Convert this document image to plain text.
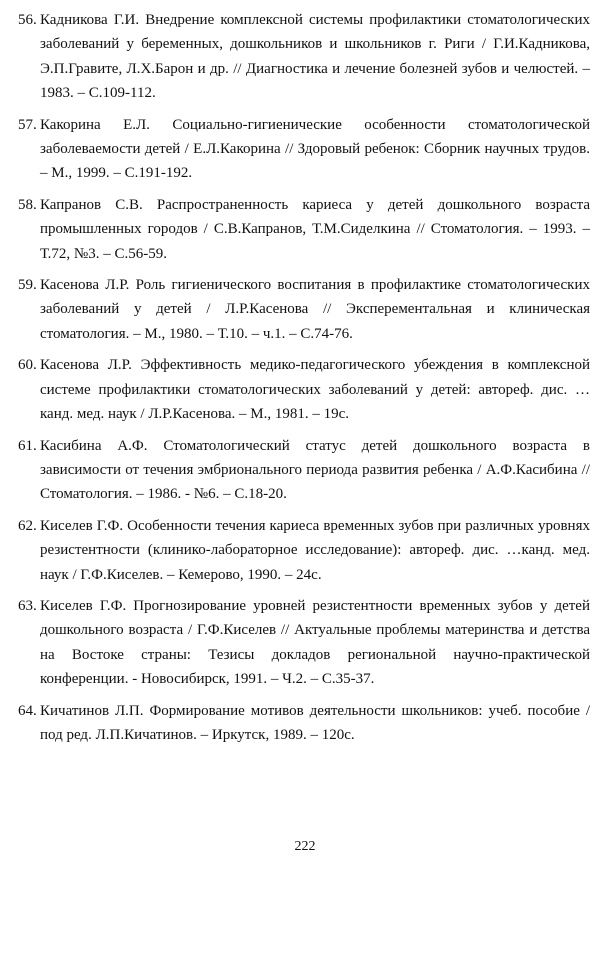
56. Кадникова Г.И. Внедрение комплексной системы профилактики стоматологических заболеваний у беременных, дошкольников и школьников г. Риги / Г.И.Кадникова, Э.П.Гравите, Л.Х.Барон и др. // Диагностика и лечение болезней зубов и челюстей. – 1983. – С.109-112.
57. Какорина Е.Л. Социально-гигиенические особенности стоматологической заболеваемости детей / Е.Л.Какорина // Здоровый ребенок: Сборник научных трудов. – М., 1999. – С.191-192.
58. Капранов С.В. Распространенность кариеса у детей дошкольного возраста промышленных городов / С.В.Капранов, Т.М.Сиделкина // Стоматология. – 1993. – Т.72, №3. – С.56-59.
59. Касенова Л.Р. Роль гигиенического воспитания в профилактике стоматологических заболеваний у детей / Л.Р.Касенова // Эксперементальная и клиническая стоматология. – М., 1980. – Т.10. – ч.1. – С.74-76.
60. Касенова Л.Р. Эффективность медико-педагогического убеждения в комплексной системе профилактики стоматологических заболеваний у детей: автореф. дис. …канд. мед. наук / Л.Р.Касенова. – М., 1981. – 19с.
61. Касибина А.Ф. Стоматологический статус детей дошкольного возраста в зависимости от течения эмбрионального периода развития ребенка / А.Ф.Касибина // Стоматология. – 1986. - №6. – С.18-20.
62. Киселев Г.Ф. Особенности течения кариеса временных зубов при различных уровнях резистентности (клинико-лабораторное исследование): автореф. дис. …канд. мед. наук / Г.Ф.Киселев. – Кемерово, 1990. – 24с.
63. Киселев Г.Ф. Прогнозирование уровней резистентности временных зубов у детей дошкольного возраста / Г.Ф.Киселев // Актуальные проблемы материнства и детства на Востоке страны: Тезисы докладов региональной научно-практической конференции. - Новосибирск, 1991. – Ч.2. – С.35-37.
64. Кичатинов Л.П. Формирование мотивов деятельности школьников: учеб. пособие / под ред. Л.П.Кичатинов. – Иркутск, 1989. – 120с.
222
